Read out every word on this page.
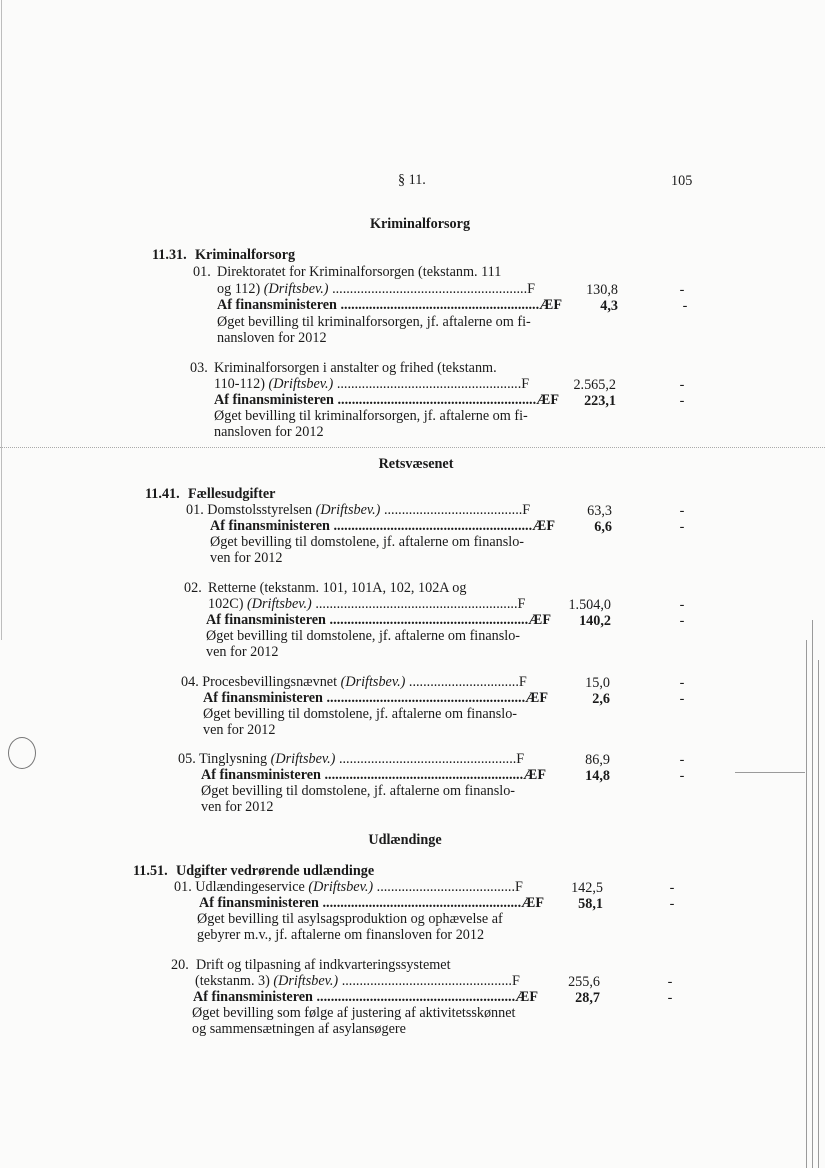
§ 11.	105
Kriminalforsorg
11.31. Kriminalforsorg
01. Direktoratet for Kriminalforsorgen (tekstanm. 111
og 112) (Driftsbev.) .......................................................F	130,8	-
Af finansministeren ........................................................ÆF	4,3	-
Øget bevilling til kriminalforsorgen, jf. aftalerne om fi-
nansloven for 2012
03. Kriminalforsorgen i anstalter og frihed (tekstanm.
110-112) (Driftsbev.) ....................................................F	2.565,2	-
Af finansministeren ........................................................ÆF	223,1	-
Øget bevilling til kriminalforsorgen, jf. aftalerne om fi-
nansloven for 2012
Retsvæsenet
11.41. Fællesudgifter
01. Domstolsstyrelsen (Driftsbev.) .......................................F	63,3	-
Af finansministeren ........................................................ÆF	6,6	-
Øget bevilling til domstolene, jf. aftalerne om finanslo-
ven for 2012
02. Retterne (tekstanm. 101, 101A, 102, 102A og
102C) (Driftsbev.) .........................................................F	1.504,0	-
Af finansministeren ........................................................ÆF	140,2	-
Øget bevilling til domstolene, jf. aftalerne om finanslo-
ven for 2012
04. Procesbevillingsnævnet (Driftsbev.) ...............................F	15,0	-
Af finansministeren ........................................................ÆF	2,6	-
Øget bevilling til domstolene, jf. aftalerne om finanslo-
ven for 2012
05. Tinglysning (Driftsbev.) ..................................................F	86,9	-
Af finansministeren ........................................................ÆF	14,8	-
Øget bevilling til domstolene, jf. aftalerne om finanslo-
ven for 2012
Udlændinge
11.51. Udgifter vedrørende udlændinge
01. Udlændingeservice (Driftsbev.) .......................................F	142,5	-
Af finansministeren ........................................................ÆF	58,1	-
Øget bevilling til asylsagsproduktion og ophævelse af
gebyrer m.v., jf. aftalerne om finansloven for 2012
20. Drift og tilpasning af indkvarteringssystemet
(tekstanm. 3) (Driftsbev.) ................................................F	255,6	-
Af finansministeren ........................................................ÆF	28,7	-
Øget bevilling som følge af justering af aktivitetsskønnet
og sammensætningen af asylansøgere
